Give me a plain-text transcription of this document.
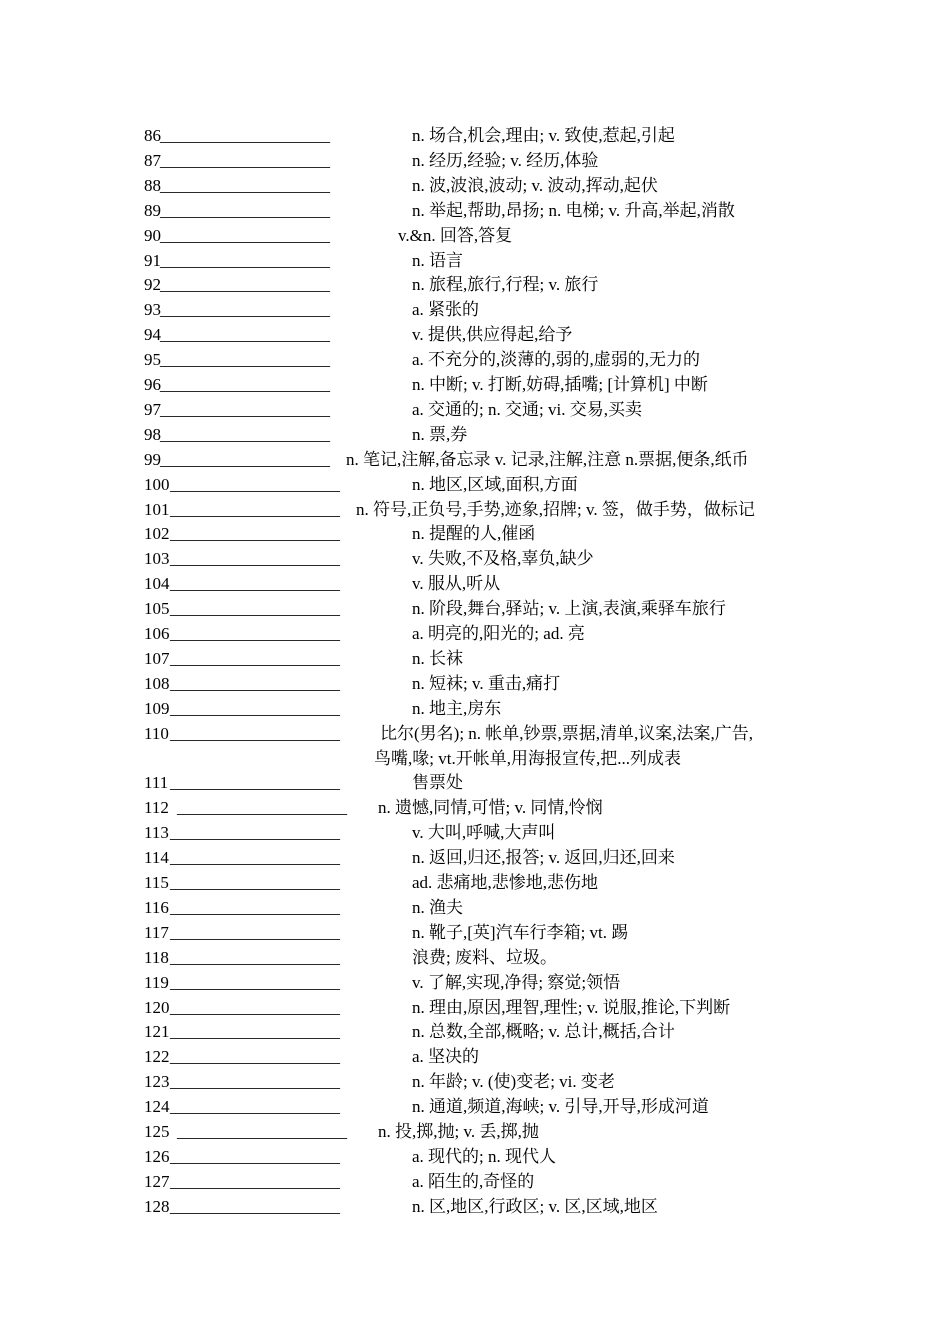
86 ____________________	n. 场合,机会,理由; v. 致使,惹起,引起
87 ____________________	n. 经历,经验; v. 经历,体验
88 ____________________	n. 波,波浪,波动; v. 波动,挥动,起伏
89 ____________________	n. 举起,帮助,昂扬; n. 电梯; v. 升高,举起,消散
90 ____________________	v.&n. 回答,答复
91 ____________________	n. 语言
92 ____________________	n. 旅程,旅行,行程; v. 旅行
93 ____________________	a. 紧张的
94 ____________________	v. 提供,供应得起,给予
95 ____________________	a. 不充分的,淡薄的,弱的,虚弱的,无力的
96 ____________________	n. 中断; v. 打断,妨碍,插嘴; [计算机] 中断
97 ____________________	a. 交通的; n. 交通; vi. 交易,买卖
98 ____________________	n. 票,券
99 ____________________ n. 笔记,注解,备忘录 v. 记录,注解,注意 n.票据,便条,纸币
100 ____________________	n. 地区,区域,面积,方面
101 ____________________ n. 符号,正负号,手势,迹象,招牌; v. 签，做手势，做标记
102 ____________________	n. 提醒的人,催函
103 ____________________	v. 失败,不及格,辜负,缺少
104 ____________________	v. 服从,听从
105 ____________________	n. 阶段,舞台,驿站; v. 上演,表演,乘驿车旅行
106 ____________________	a. 明亮的,阳光的; ad. 亮
107 ____________________	n. 长袜
108 ____________________	n. 短袜; v. 重击,痛打
109 ____________________	n. 地主,房东
110 ____________________ 比尔(男名); n. 帐单,钞票,票据,清单,议案,法案,广告,
鸟嘴,喙; vt.开帐单,用海报宣传,把...列成表
111 ____________________	售票处
112 ____________________ n. 遗憾,同情,可惜; v. 同情,怜悯
113 ____________________	v. 大叫,呼喊,大声叫
114 ____________________	n. 返回,归还,报答; v. 返回,归还,回来
115 ____________________	ad. 悲痛地,悲惨地,悲伤地
116 ____________________	n. 渔夫
117 ____________________	n. 靴子,[英]汽车行李箱; vt. 踢
118 ____________________	浪费; 废料、垃圾。
119 ____________________	v. 了解,实现,净得; 察觉;领悟
120 ____________________	n. 理由,原因,理智,理性; v. 说服,推论,下判断
121 ____________________	n. 总数,全部,概略; v. 总计,概括,合计
122 ____________________	a. 坚决的
123 ____________________	n. 年龄; v. (使)变老; vi. 变老
124 ____________________	n. 通道,频道,海峡; v. 引导,开导,形成河道
125 ____________________ n. 投,掷,抛; v. 丢,掷,抛
126 ____________________	a. 现代的; n. 现代人
127 ____________________	a. 陌生的,奇怪的
128 ____________________	n. 区,地区,行政区; v. 区,区域,地区
